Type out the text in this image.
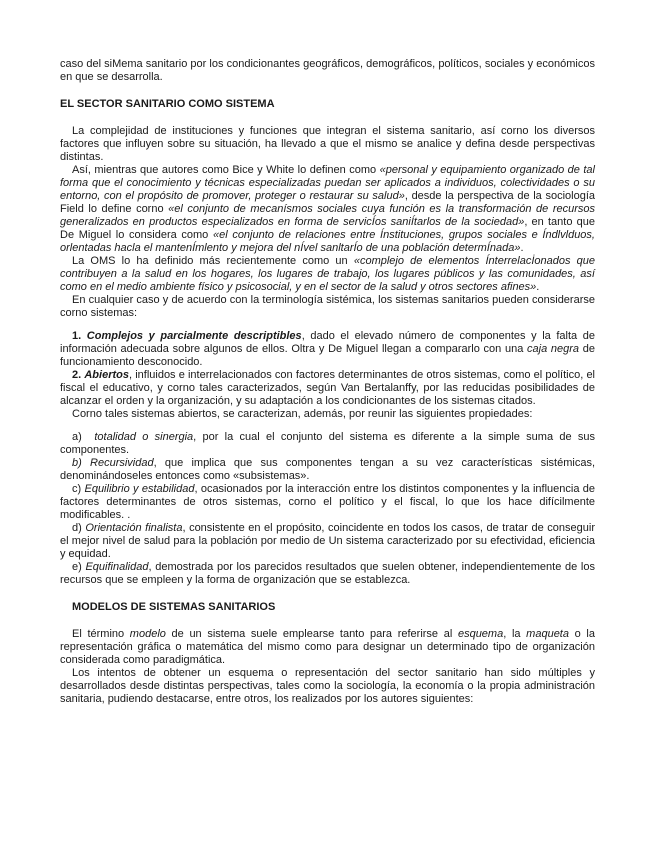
caso del siMema sanitario por los condicionantes geográficos, demográficos, políticos, sociales y económicos en que se desarrolla.

EL SECTOR SANITARIO COMO SISTEMA

La complejidad de instituciones y funciones que integran el sistema sanitario, así corno los diversos factores que influyen sobre su situación, ha llevado a que el mismo se analice y defina desde perspectivas distintas.

Así, mientras que autores como Bice y White lo definen como «personal y equipamiento organizado de tal forma que el conocimiento y técnicas especializadas puedan ser aplicados a individuos, colectividades o su entorno, con el propósito de promover, proteger o restaurar su salud», desde la perspectiva de la sociología Field lo define corno «el conjunto de mecanísmos sociales cuya función es la transformación de recursos generalizados en productos especializados en forma de servicÍos saniÍtarlos de la sociedad», en tanto que De Miguel lo considera como «el conjunto de relaciones entre Ínstituciones, grupos sociales e Índlvlduos, orlentadas hacla el mantenÍmlento y mejora del nÍvel sanltarÍo de una población determÍnada».

La OMS lo ha definido más recientemente como un «complejo de elementos Ínterrelacİonados que contribuyen a la salud en los hogares, los lugares de trabajo, los lugares públicos y las comunidades, así como en el medio ambiente físico y psicosocial, y en el sector de la salud y otros sectores afines».

En cualquier caso y de acuerdo con la terminología sistémica, los sistemas sanitarios pueden considerarse corno sistemas:

1. Complejos y parcialmente descriptibles, dado el elevado número de componentes y la falta de información adecuada sobre algunos de ellos. Oltra y De Miguel llegan a compararlo con una caja negra de funcionamiento desconocido.

2. Abiertos, influidos e interrelacionados con factores determinantes de otros sistemas, como el político, el fiscal el educativo, y corno tales caracterizados, según Van Bertalanffy, por las reducidas posibilidades de alcanzar el orden y la organización, y su adaptación a los condicionantes de los sistemas citados.

Corno tales sistemas abiertos, se caracterizan, además, por reunir las siguientes propiedades:

a) totalidad o sinergia, por la cual el conjunto del sistema es diferente a la simple suma de sus componentes.

b) Recursividad, que implica que sus componentes tengan a su vez características sistémicas, denominándoseles entonces como «subsistemas».

c) Equilibrio y estabilidad, ocasionados por la interacción entre los distintos componentes y la influencia de factores determinantes de otros sistemas, corno el político y el fiscal, lo que los hace difícilmente modificables. .

d) Orientación finalista, consistente en el propósito, coincidente en todos los casos, de tratar de conseguir el mejor nivel de salud para la población por medio de Un sistema caracterizado por su efectividad, eficiencia y equidad.

e) Equifinalidad, demostrada por los parecidos resultados que suelen obtener, independientemente de los recursos que se empleen y la forma de organización que se establezca.

MODELOS DE SISTEMAS SANITARIOS

El término modelo de un sistema suele emplearse tanto para referirse al esquema, la maqueta o la representación gráfica o matemática del mismo como para designar un determinado tipo de organización considerada como paradigmática.

Los intentos de obtener un esquema o representación del sector sanitario han sido múltiples y desarrollados desde distintas perspectivas, tales como la sociología, la economía o la propia administración sanitaria, pudiendo destacarse, entre otros, los realizados por los autores siguientes:
